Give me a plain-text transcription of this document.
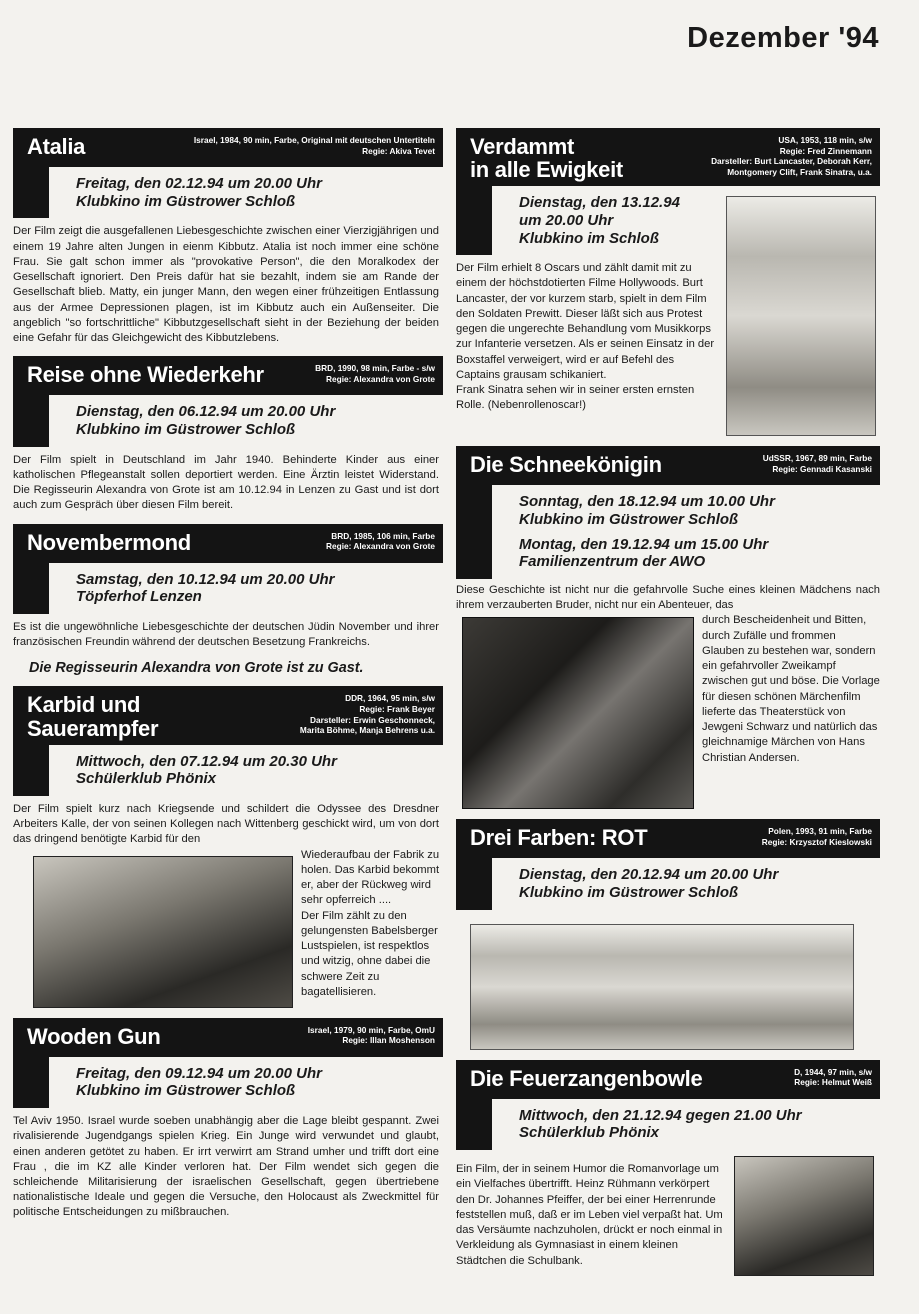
Dezember '94
Atalia	Israel, 1984, 90 min, Farbe, Original mit deutschen Untertiteln
Regie: Akiva Tevet
Freitag, den 02.12.94 um 20.00 Uhr
Klubkino im Güstrower Schloß
Der Film zeigt die ausgefallenen Liebesgeschichte zwischen einer Vierzigjährigen und einem 19 Jahre alten Jungen in eienm Kibbutz. Atalia ist noch immer eine schöne Frau. Sie galt schon immer als "provokative Person", die den Moralkodex der Gesellschaft ignoriert. Den Preis dafür hat sie bezahlt, indem sie am Rande der Gesellschaft blieb. Matty, ein junger Mann, den wegen einer frühzeitigen Entlassung aus der Armee Depressionen plagen, ist im Kibbutz auch ein Außenseiter. Die angeblich "so fortschrittliche" Kibbutzgesellschaft sieht in der Beziehung der beiden eine Gefahr für das Gleichgewicht des Kibbutzlebens.
Reise ohne Wiederkehr	BRD, 1990, 98 min, Farbe - s/w
Regie: Alexandra von Grote
Dienstag, den 06.12.94 um 20.00 Uhr
Klubkino im Güstrower Schloß
Der Film spielt in Deutschland im Jahr 1940. Behinderte Kinder aus einer katholischen Pflegeanstalt sollen deportiert werden. Eine Ärztin leistet Widerstand. Die Regisseurin Alexandra von Grote ist am 10.12.94 in Lenzen zu Gast und ist dort auch zum Gespräch über diesen Film bereit.
Novembermond	BRD, 1985, 106 min, Farbe
Regie: Alexandra von Grote
Samstag, den 10.12.94 um 20.00 Uhr
Töpferhof Lenzen
Es ist die ungewöhnliche Liebesgeschichte der deutschen Jüdin November und ihrer französischen Freundin während der deutschen Besetzung Frankreichs.
Die Regisseurin Alexandra von Grote ist zu Gast.
Karbid und
Sauerampfer
DDR, 1964, 95 min, s/w
Regie: Frank Beyer
Darsteller: Erwin Geschonneck,
Marita Böhme, Manja Behrens u.a.
Mittwoch, den 07.12.94 um 20.30 Uhr
Schülerklub Phönix
Der Film spielt kurz nach Kriegsende und schildert die Odyssee des Dresdner Arbeiters Kalle, der von seinen Kollegen nach Wittenberg geschickt wird, um von dort das dringend benötigte Karbid für den
Wiederaufbau der Fabrik zu holen. Das Karbid bekommt er, aber der Rückweg wird sehr opferreich ....
Der Film zählt zu den gelungensten Babelsberger Lustspielen, ist respektlos und witzig, ohne dabei die schwere Zeit zu bagatellisieren.
Wooden Gun	Israel, 1979, 90 min, Farbe, OmU
Regie: Illan Moshenson
Freitag, den 09.12.94 um 20.00 Uhr
Klubkino im Güstrower Schloß
Tel Aviv 1950. Israel wurde soeben unabhängig aber die Lage bleibt gespannt. Zwei rivalisierende Jugendgangs spielen Krieg. Ein Junge wird verwundet und glaubt, einen anderen getötet zu haben. Er irrt verwirrt am Strand umher und trifft dort eine Frau , die im KZ alle Kinder verloren hat. Der Film wendet sich gegen die schleichende Militarisierung der israelischen Gesellschaft, gegen übertriebene nationalistische Ideale und gegen die Versuche, den Holocaust als Zweckmittel für politische Entscheidungen zu mißbrauchen.
Verdammt
in alle Ewigkeit
USA, 1953, 118 min, s/w
Regie: Fred Zinnemann
Darsteller: Burt Lancaster, Deborah Kerr,
Montgomery Clift, Frank Sinatra, u.a.
Dienstag, den 13.12.94
um 20.00 Uhr
Klubkino im Schloß
Der Film erhielt 8 Oscars und zählt damit mit zu einem der höchstdotierten Filme Hollywoods. Burt Lancaster, der vor kurzem starb, spielt in dem Film den Soldaten Prewitt. Dieser läßt sich aus Protest gegen die ungerechte Behandlung vom Musikkorps zur Infanterie versetzen. Als er seinen Einsatz in der Boxstaffel verweigert, wird er auf Befehl des Captains grausam schikaniert.
Frank Sinatra sehen wir in seiner ersten ernsten Rolle. (Nebenrollenoscar!)
Die Schneekönigin	UdSSR, 1967, 89 min, Farbe
Regie: Gennadi Kasanski
Sonntag, den 18.12.94 um 10.00 Uhr
Klubkino im Güstrower Schloß
Montag, den 19.12.94 um 15.00 Uhr
Familienzentrum der AWO
Diese Geschichte ist nicht nur die gefahrvolle Suche eines kleinen Mädchens nach ihrem verzauberten Bruder, nicht nur ein Abenteuer, das
durch Bescheidenheit und Bitten, durch Zufälle und frommen Glauben zu bestehen war, sondern ein gefahrvoller Zweikampf zwischen gut und böse. Die Vorlage für diesen schönen Märchenfilm lieferte das Theaterstück von Jewgeni Schwarz und natürlich das gleichnamige Märchen von Hans Christian Andersen.
Drei Farben: ROT	Polen, 1993, 91 min, Farbe
Regie: Krzysztof Kieslowski
Dienstag, den 20.12.94 um 20.00 Uhr
Klubkino im Güstrower Schloß
Die Feuerzangenbowle	D, 1944, 97 min, s/w
Regie: Helmut Weiß
Mittwoch, den 21.12.94 gegen 21.00 Uhr
Schülerklub Phönix
Ein Film, der in seinem Humor die Romanvorlage um ein Vielfaches übertrifft. Heinz Rühmann verkörpert den Dr. Johannes Pfeiffer, der bei einer Herrenrunde feststellen muß, daß er im Leben viel verpaßt hat. Um das Versäumte nachzuholen, drückt er noch einmal in Verkleidung als Gymnasiast in einem kleinen Städtchen die Schulbank.
